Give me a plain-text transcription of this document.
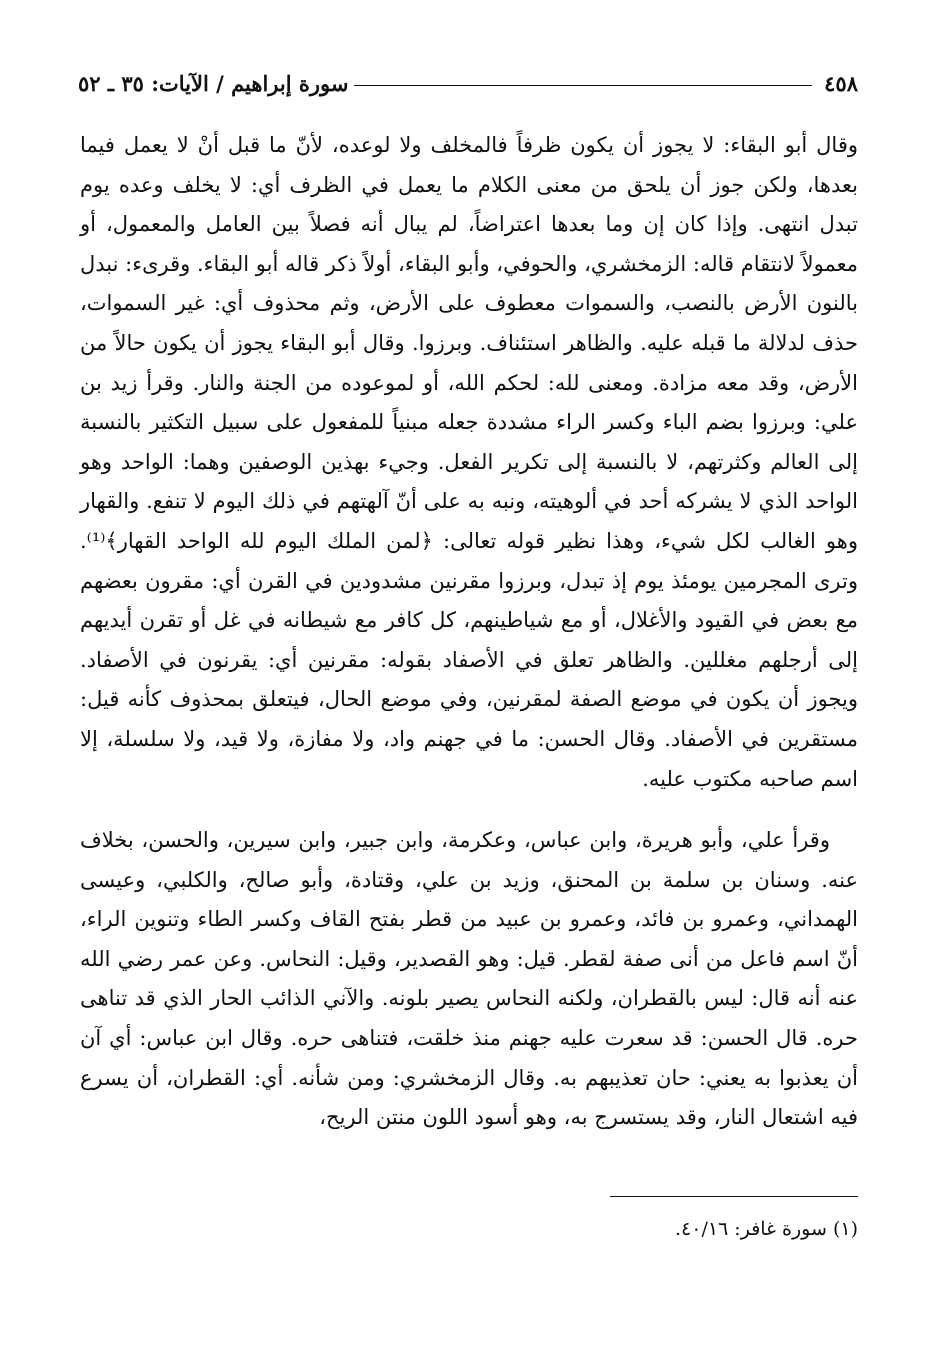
٤٥٨
سورة إبراهيم / الآيات: ٣٥ ـ ٥٢

وقال أبو البقاء: لا يجوز أن يكون ظرفاً فالمخلف ولا لوعده، لأنّ ما قبل أنْ لا يعمل فيما بعدها، ولكن جوز أن يلحق من معنى الكلام ما يعمل في الظرف أي: لا يخلف وعده يوم تبدل انتهى. وإذا كان إن وما بعدها اعتراضاً، لم يبال أنه فصلاً بين العامل والمعمول، أو معمولاً لانتقام قاله: الزمخشري، والحوفي، وأبو البقاء، أولاً ذكر قاله أبو البقاء. وقرىء: نبدل بالنون الأرض بالنصب، والسموات معطوف على الأرض، وثم محذوف أي: غير السموات، حذف لدلالة ما قبله عليه. والظاهر استئناف. وبرزوا. وقال أبو البقاء يجوز أن يكون حالاً من الأرض، وقد معه مزادة. ومعنى لله: لحكم الله، أو لموعوده من الجنة والنار. وقرأ زيد بن علي: وبرزوا بضم الباء وكسر الراء مشددة جعله مبنياً للمفعول على سبيل التكثير بالنسبة إلى العالم وكثرتهم، لا بالنسبة إلى تكرير الفعل. وجيء بهذين الوصفين وهما: الواحد وهو الواحد الذي لا يشركه أحد في ألوهيته، ونبه به على أنّ آلهتهم في ذلك اليوم لا تنفع. والقهار وهو الغالب لكل شيء، وهذا نظير قوله تعالى: ﴿لمن الملك اليوم لله الواحد القهار﴾⁽¹⁾. وترى المجرمين يومئذ يوم إذ تبدل، وبرزوا مقرنين مشدودين في القرن أي: مقرون بعضهم مع بعض في القيود والأغلال، أو مع شياطينهم، كل كافر مع شيطانه في غل أو تقرن أيديهم إلى أرجلهم مغللين. والظاهر تعلق في الأصفاد بقوله: مقرنين أي: يقرنون في الأصفاد. ويجوز أن يكون في موضع الصفة لمقرنين، وفي موضع الحال، فيتعلق بمحذوف كأنه قيل: مستقرين في الأصفاد. وقال الحسن: ما في جهنم واد، ولا مفازة، ولا قيد، ولا سلسلة، إلا اسم صاحبه مكتوب عليه.

وقرأ علي، وأبو هريرة، وابن عباس، وعكرمة، وابن جبير، وابن سيرين، والحسن، بخلاف عنه. وسنان بن سلمة بن المحنق، وزيد بن علي، وقتادة، وأبو صالح، والكلبي، وعيسى الهمداني، وعمرو بن فائد، وعمرو بن عبيد من قطر بفتح القاف وكسر الطاء وتنوين الراء، أنّ اسم فاعل من أنى صفة لقطر. قيل: وهو القصدير، وقيل: النحاس. وعن عمر رضي الله عنه أنه قال: ليس بالقطران، ولكنه النحاس يصير بلونه. والآني الذائب الحار الذي قد تناهى حره. قال الحسن: قد سعرت عليه جهنم منذ خلقت، فتناهى حره. وقال ابن عباس: أي آن أن يعذبوا به يعني: حان تعذيبهم به. وقال الزمخشري: ومن شأنه. أي: القطران، أن يسرع فيه اشتعال النار، وقد يستسرج به، وهو أسود اللون منتن الريح،

(١) سورة غافر: ٤٠/١٦.
